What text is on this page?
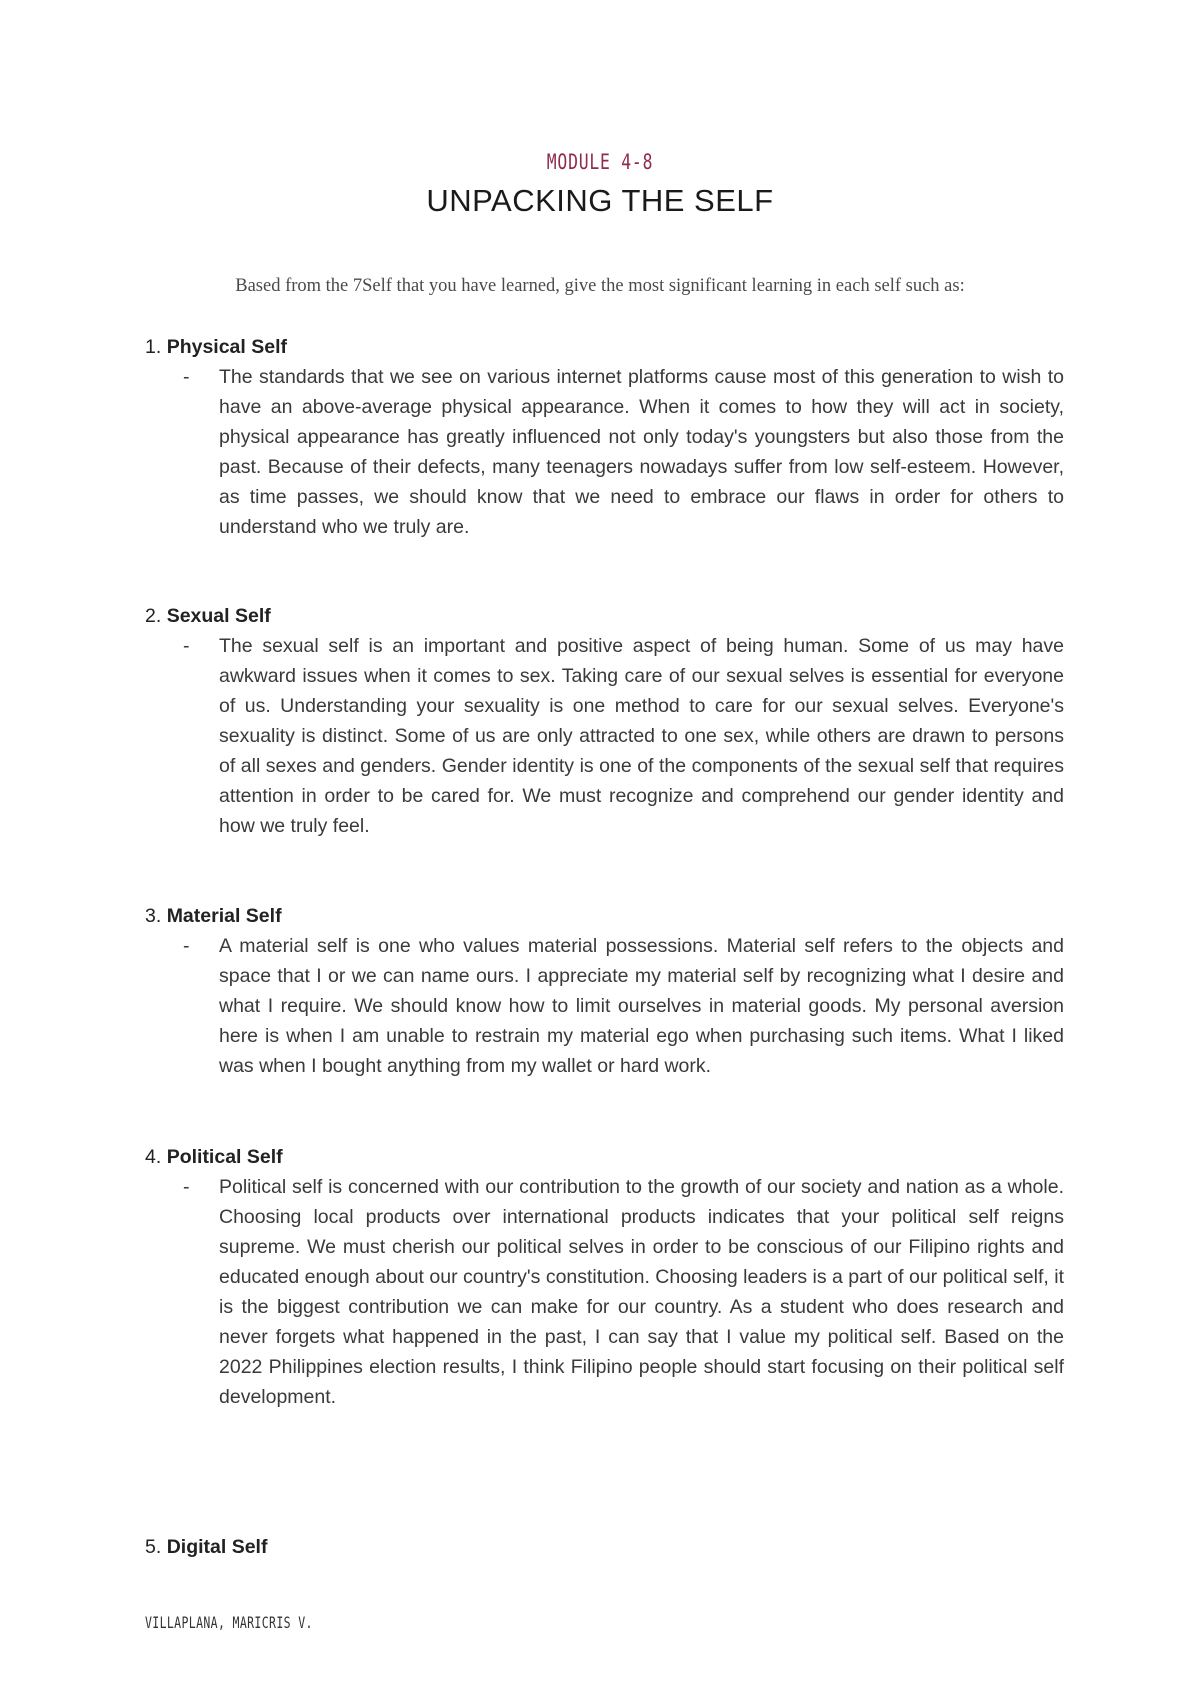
MODULE 4-8
UNPACKING THE SELF
Based from the 7Self that you have learned, give the most significant learning in each self such as:
1. Physical Self
- The standards that we see on various internet platforms cause most of this generation to wish to have an above-average physical appearance. When it comes to how they will act in society, physical appearance has greatly influenced not only today's youngsters but also those from the past. Because of their defects, many teenagers nowadays suffer from low self-esteem. However, as time passes, we should know that we need to embrace our flaws in order for others to understand who we truly are.
2. Sexual Self
- The sexual self is an important and positive aspect of being human. Some of us may have awkward issues when it comes to sex. Taking care of our sexual selves is essential for everyone of us. Understanding your sexuality is one method to care for our sexual selves. Everyone's sexuality is distinct. Some of us are only attracted to one sex, while others are drawn to persons of all sexes and genders. Gender identity is one of the components of the sexual self that requires attention in order to be cared for. We must recognize and comprehend our gender identity and how we truly feel.
3. Material Self
- A material self is one who values material possessions. Material self refers to the objects and space that I or we can name ours. I appreciate my material self by recognizing what I desire and what I require. We should know how to limit ourselves in material goods. My personal aversion here is when I am unable to restrain my material ego when purchasing such items. What I liked was when I bought anything from my wallet or hard work.
4. Political Self
- Political self is concerned with our contribution to the growth of our society and nation as a whole. Choosing local products over international products indicates that your political self reigns supreme. We must cherish our political selves in order to be conscious of our Filipino rights and educated enough about our country's constitution. Choosing leaders is a part of our political self, it is the biggest contribution we can make for our country. As a student who does research and never forgets what happened in the past, I can say that I value my political self. Based on the 2022 Philippines election results, I think Filipino people should start focusing on their political self development.
5. Digital Self
VILLAPLANA, MARICRIS V.
